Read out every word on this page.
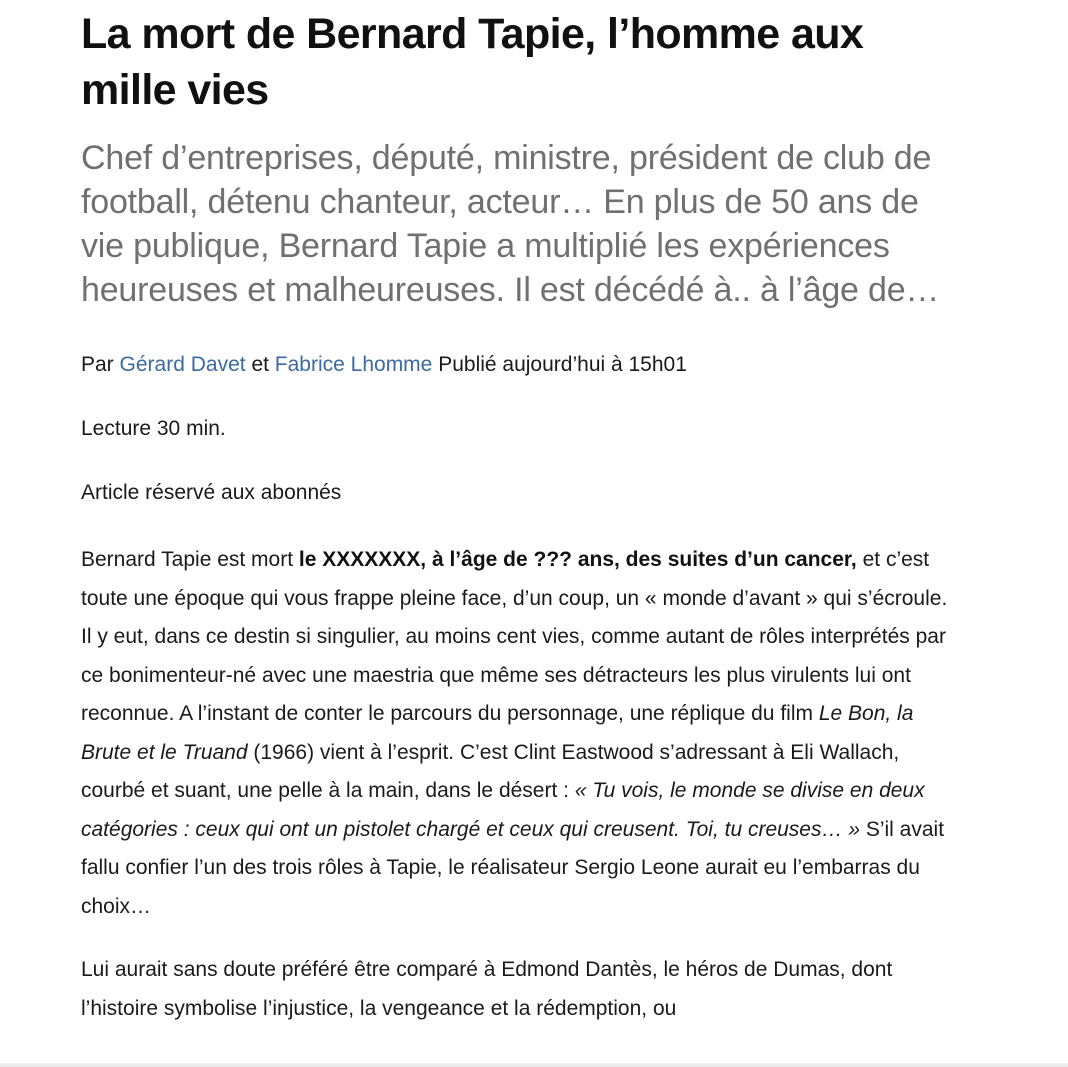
La mort de Bernard Tapie, l’homme aux mille vies

Chef d’entreprises, député, ministre, président de club de football, détenu chanteur, acteur… En plus de 50 ans de vie publique, Bernard Tapie a multiplié les expériences heureuses et malheureuses. Il est décédé à.. à l’âge de…

Par Gérard Davet et Fabrice Lhomme Publié aujourd’hui à 15h01

Lecture 30 min.

Article réservé aux abonnés

Bernard Tapie est mort le XXXXXXX, à l’âge de ??? ans, des suites d’un cancer, et c’est toute une époque qui vous frappe pleine face, d’un coup, un « monde d’avant » qui s’écroule. Il y eut, dans ce destin si singulier, au moins cent vies, comme autant de rôles interprétés par ce bonimenteur-né avec une maestria que même ses détracteurs les plus virulents lui ont reconnue. A l’instant de conter le parcours du personnage, une réplique du film Le Bon, la Brute et le Truand (1966) vient à l’esprit. C’est Clint Eastwood s’adressant à Eli Wallach, courbé et suant, une pelle à la main, dans le désert : « Tu vois, le monde se divise en deux catégories : ceux qui ont un pistolet chargé et ceux qui creusent. Toi, tu creuses… » S’il avait fallu confier l’un des trois rôles à Tapie, le réalisateur Sergio Leone aurait eu l’embarras du choix…

Lui aurait sans doute préféré être comparé à Edmond Dantès, le héros de Dumas, dont l’histoire symbolise l’injustice, la vengeance et la rédemption, ou
